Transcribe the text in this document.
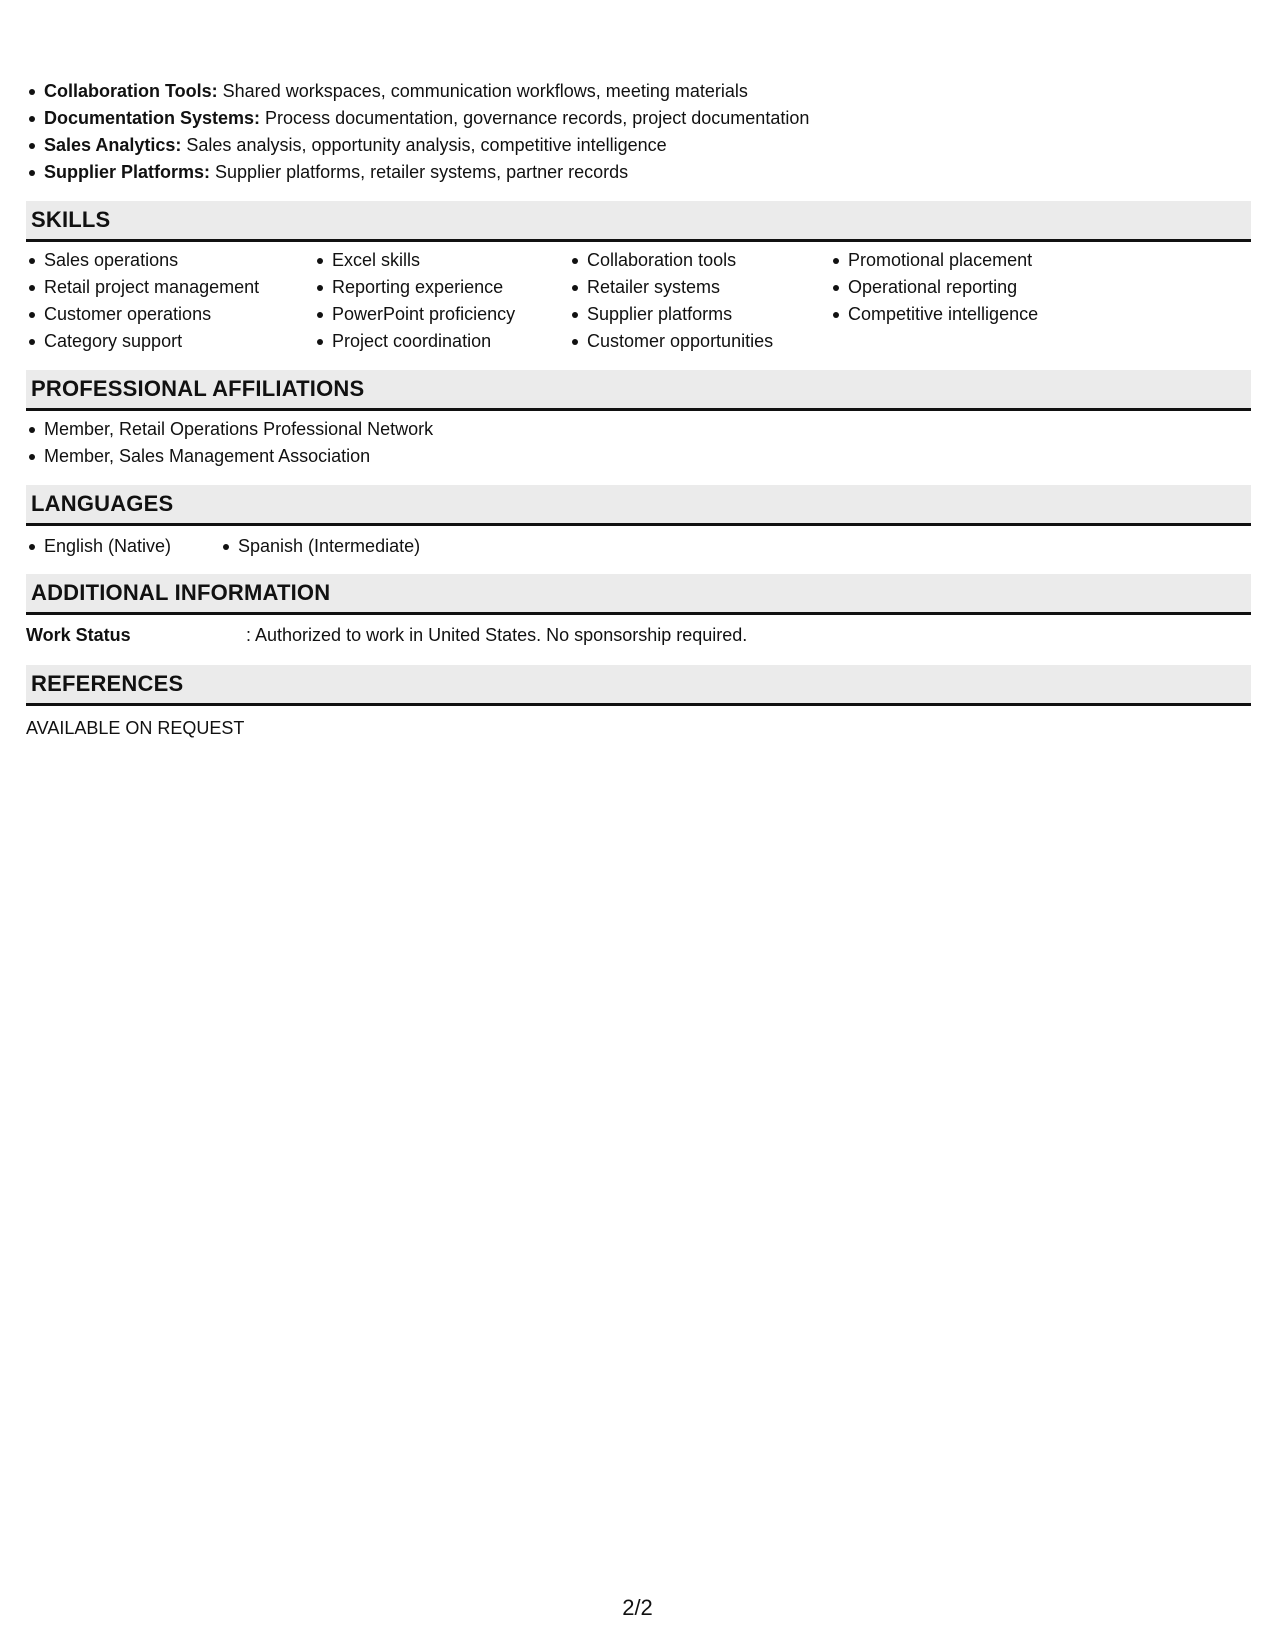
Collaboration Tools: Shared workspaces, communication workflows, meeting materials
Documentation Systems: Process documentation, governance records, project documentation
Sales Analytics: Sales analysis, opportunity analysis, competitive intelligence
Supplier Platforms: Supplier platforms, retailer systems, partner records
SKILLS
Sales operations
Retail project management
Customer operations
Category support
Excel skills
Reporting experience
PowerPoint proficiency
Project coordination
Collaboration tools
Retailer systems
Supplier platforms
Customer opportunities
Promotional placement
Operational reporting
Competitive intelligence
PROFESSIONAL AFFILIATIONS
Member, Retail Operations Professional Network
Member, Sales Management Association
LANGUAGES
English (Native)	Spanish (Intermediate)
ADDITIONAL INFORMATION
Work Status	: Authorized to work in United States. No sponsorship required.
REFERENCES
AVAILABLE ON REQUEST
2/2
